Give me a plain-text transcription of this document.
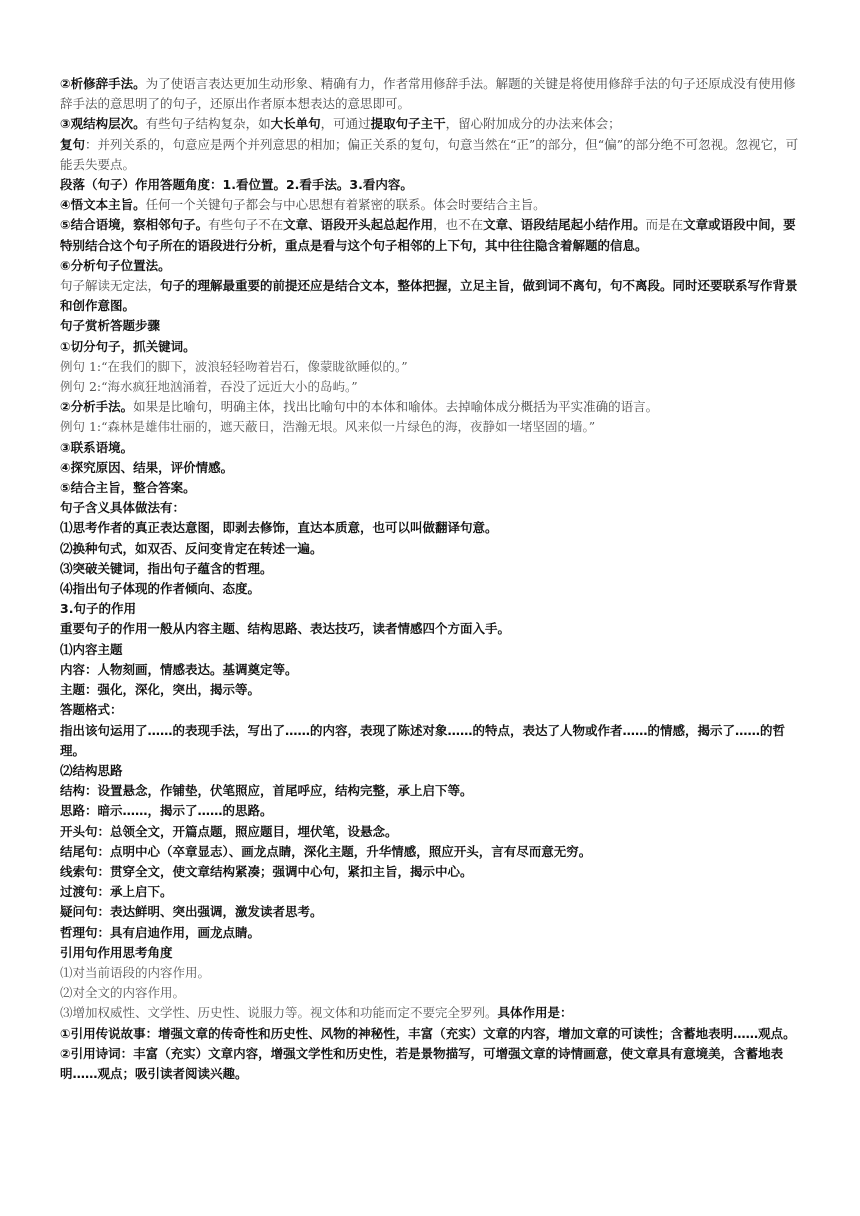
②析修辞手法。为了使语言表达更加生动形象、精确有力，作者常用修辞手法。解题的关键是将使用修辞手法的句子还原成没有使用修辞手法的意思明了的句子，还原出作者原本想表达的意思即可。

③观结构层次。有些句子结构复杂，如大长单句，可通过提取句子主干，留心附加成分的办法来体会；

复句：并列关系的，句意应是两个并列意思的相加；偏正关系的复句，句意当然在“正”的部分，但“偏”的部分绝不可忽视。忽视它，可能丢失要点。

段落（句子）作用答题角度：1.看位置。2.看手法。3.看内容。

④悟文本主旨。任何一个关键句子都会与中心思想有着紧密的联系。体会时要结合主旨。

⑤结合语境，察相邻句子。有些句子不在文章、语段开头起总起作用，也不在文章、语段结尾起小结作用。而是在文章或语段中间，要特别结合这个句子所在的语段进行分析，重点是看与这个句子相邻的上下句，其中往往隐含着解题的信息。

⑥分析句子位置法。

句子解读无定法，句子的理解最重要的前提还应是结合文本，整体把握，立足主旨，做到词不离句，句不离段。同时还要联系写作背景和创作意图。

句子赏析答题步骤

①切分句子，抓关键词。

例句 1:“在我们的脚下，波浪轻轻吻着岩石，像蒙眬欲睡似的。”

例句 2:“海水疯狂地汹涌着，吞没了远近大小的岛屿。”

②分析手法。如果是比喻句，明确主体，找出比喻句中的本体和喻体。去掉喻体成分概括为平实准确的语言。

例句 1:“森林是雄伟壮丽的，遮天蔽日，浩瀚无垠。风来似一片绿色的海，夜静如一堵坚固的墙。”

③联系语境。

④探究原因、结果，评价情感。

⑤结合主旨，整合答案。

句子含义具体做法有：

⑴思考作者的真正表达意图，即剥去修饰，直达本质意，也可以叫做翻译句意。

⑵换种句式，如双否、反问变肯定在转述一遍。

⑶突破关键词，指出句子蕴含的哲理。

⑷指出句子体现的作者倾向、态度。

3.句子的作用

重要句子的作用一般从内容主题、结构思路、表达技巧，读者情感四个方面入手。

⑴内容主题

内容：人物刻画，情感表达。基调奠定等。

主题：强化，深化，突出，揭示等。

答题格式：

指出该句运用了……的表现手法，写出了……的内容，表现了陈述对象……的特点，表达了人物或作者……的情感，揭示了……的哲理。

⑵结构思路

结构：设置悬念，作铺垫，伏笔照应，首尾呼应，结构完整，承上启下等。

思路：暗示……，揭示了……的思路。

开头句：总领全文，开篇点题，照应题目，埋伏笔，设悬念。

结尾句：点明中心（卒章显志）、画龙点睛，深化主题，升华情感，照应开头，言有尽而意无穷。

线索句：贯穿全文，使文章结构紧凑；强调中心句，紧扣主旨，揭示中心。

过渡句：承上启下。

疑问句：表达鲜明、突出强调，激发读者思考。

哲理句：具有启迪作用，画龙点睛。

引用句作用思考角度

⑴对当前语段的内容作用。

⑵对全文的内容作用。

⑶增加权威性、文学性、历史性、说服力等。视文体和功能而定不要完全罗列。具体作用是：

①引用传说故事：增强文章的传奇性和历史性、风物的神秘性，丰富（充实）文章的内容，增加文章的可读性；含蓄地表明……观点。

②引用诗词：丰富（充实）文章内容，增强文学性和历史性，若是景物描写，可增强文章的诗情画意，使文章具有意境美，含蓄地表明……观点；吸引读者阅读兴趣。
